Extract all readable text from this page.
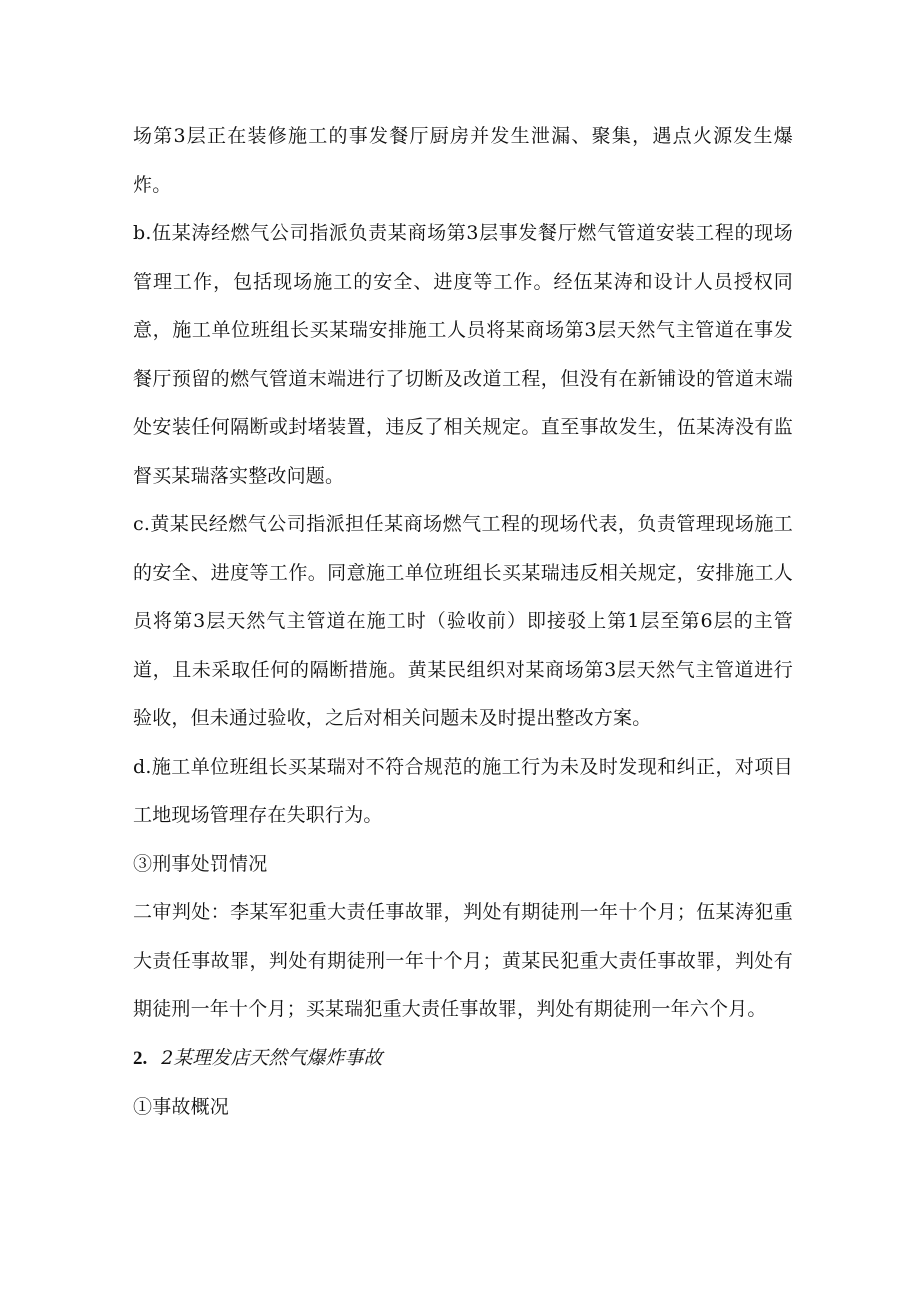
场第3层正在装修施工的事发餐厅厨房并发生泄漏、聚集，遇点火源发生爆炸。

b.伍某涛经燃气公司指派负责某商场第3层事发餐厅燃气管道安装工程的现场管理工作，包括现场施工的安全、进度等工作。经伍某涛和设计人员授权同意，施工单位班组长买某瑞安排施工人员将某商场第3层天然气主管道在事发餐厅预留的燃气管道末端进行了切断及改道工程，但没有在新铺设的管道末端处安装任何隔断或封堵装置，违反了相关规定。直至事故发生，伍某涛没有监督买某瑞落实整改问题。

c.黄某民经燃气公司指派担任某商场燃气工程的现场代表，负责管理现场施工的安全、进度等工作。同意施工单位班组长买某瑞违反相关规定，安排施工人员将第3层天然气主管道在施工时（验收前）即接驳上第1层至第6层的主管道，且未采取任何的隔断措施。黄某民组织对某商场第3层天然气主管道进行验收，但未通过验收，之后对相关问题未及时提出整改方案。

d.施工单位班组长买某瑞对不符合规范的施工行为未及时发现和纠正，对项目工地现场管理存在失职行为。

③刑事处罚情况

二审判处：李某军犯重大责任事故罪，判处有期徒刑一年十个月；伍某涛犯重大责任事故罪，判处有期徒刑一年十个月；黄某民犯重大责任事故罪，判处有期徒刑一年十个月；买某瑞犯重大责任事故罪，判处有期徒刑一年六个月。

2. 2某理发店天然气爆炸事故

①事故概况
